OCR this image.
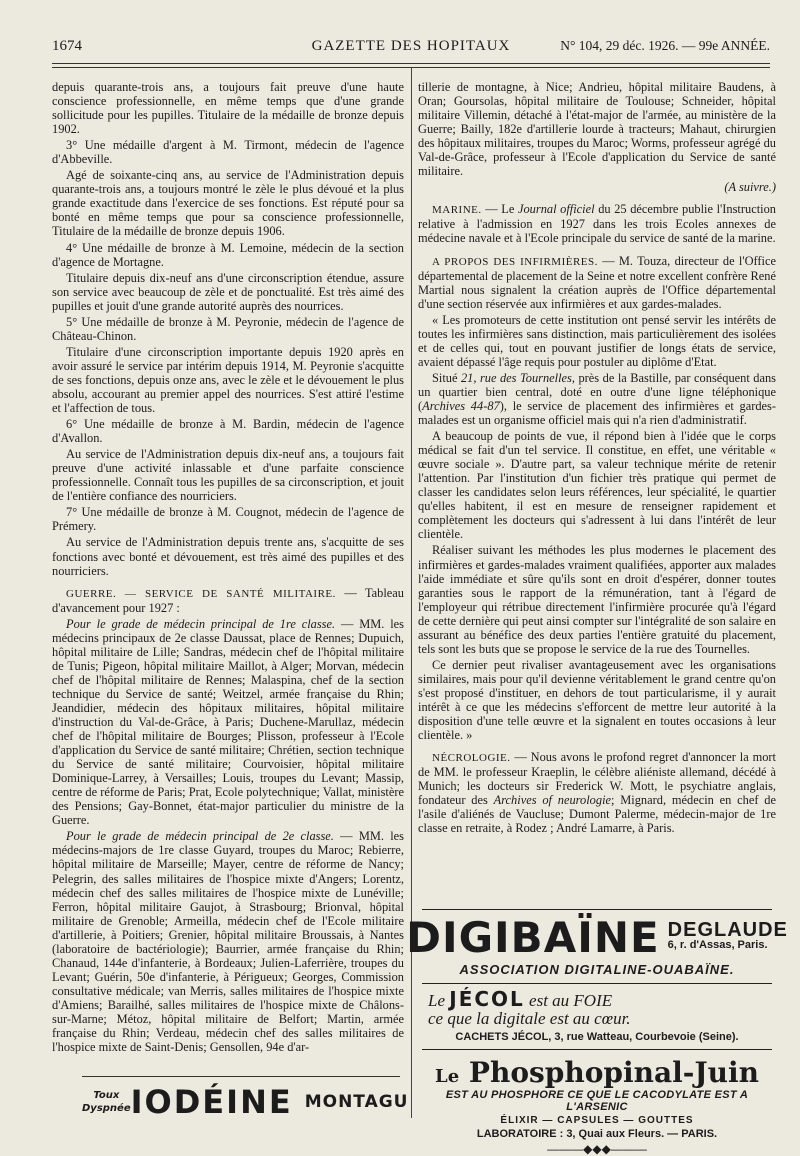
1674	GAZETTE DES HOPITAUX	N° 104, 29 déc. 1926. — 99e ANNÉE.

depuis quarante-trois ans, a toujours fait preuve d'une haute conscience professionnelle, en même temps que d'une grande sollicitude pour les pupilles. Titulaire de la médaille de bronze depuis 1902.

3° Une médaille d'argent à M. Tirmont, médecin de l'agence d'Abbeville.

Agé de soixante-cinq ans, au service de l'Administration depuis quarante-trois ans, a toujours montré le zèle le plus dévoué et la plus grande exactitude dans l'exercice de ses fonctions. Est réputé pour sa bonté en même temps que pour sa conscience professionnelle, Titulaire de la médaille de bronze depuis 1906.

4° Une médaille de bronze à M. Lemoine, médecin de la section d'agence de Mortagne.

Titulaire depuis dix-neuf ans d'une circonscription étendue, assure son service avec beaucoup de zèle et de ponctualité. Est très aimé des pupilles et jouit d'une grande autorité auprès des nourrices.

5° Une médaille de bronze à M. Peyronie, médecin de l'agence de Château-Chinon.

Titulaire d'une circonscription importante depuis 1920 après en avoir assuré le service par intérim depuis 1914, M. Peyronie s'acquitte de ses fonctions, depuis onze ans, avec le zèle et le dévouement le plus absolu, accourant au premier appel des nourrices. S'est attiré l'estime et l'affection de tous.

6° Une médaille de bronze à M. Bardin, médecin de l'agence d'Avallon.

Au service de l'Administration depuis dix-neuf ans, a toujours fait preuve d'une activité inlassable et d'une parfaite conscience professionnelle. Connaît tous les pupilles de sa circonscription, et jouit de l'entière confiance des nourriciers.

7° Une médaille de bronze à M. Cougnot, médecin de l'agence de Prémery.

Au service de l'Administration depuis trente ans, s'acquitte de ses fonctions avec bonté et dévouement, est très aimé des pupilles et des nourriciers.

GUERRE. — SERVICE DE SANTÉ MILITAIRE. — Tableau d'avancement pour 1927 :

Pour le grade de médecin principal de 1re classe. — MM. les médecins principaux de 2e classe Daussat, place de Rennes; Dupuich, hôpital militaire de Lille; Sandras, médecin chef de l'hôpital militaire de Tunis; Pigeon, hôpital militaire Maillot, à Alger; Morvan, médecin chef de l'hôpital militaire de Rennes; Malaspina, chef de la section technique du Service de santé; Weitzel, armée française du Rhin; Jeandidier, médecin des hôpitaux militaires, hôpital militaire d'instruction du Val-de-Grâce, à Paris; Duchene-Marullaz, médecin chef de l'hôpital militaire de Bourges; Plisson, professeur à l'Ecole d'application du Service de santé militaire; Chrétien, section technique du Service de santé militaire; Courvoisier, hôpital militaire Dominique-Larrey, à Versailles; Louis, troupes du Levant; Massip, centre de réforme de Paris; Prat, Ecole polytechnique; Vallat, ministère des Pensions; Gay-Bonnet, état-major particulier du ministre de la Guerre.

Pour le grade de médecin principal de 2e classe. — MM. les médecins-majors de 1re classe Guyard, troupes du Maroc; Rebierre, hôpital militaire de Marseille; Mayer, centre de réforme de Nancy; Pelegrin, des salles militaires de l'hospice mixte d'Angers; Lorentz, médecin chef des salles militaires de l'hospice mixte de Lunéville; Ferron, hôpital militaire Gaujot, à Strasbourg; Brionval, hôpital militaire de Grenoble; Armeilla, médecin chef de l'Ecole militaire d'artillerie, à Poitiers; Grenier, hôpital militaire Broussais, à Nantes (laboratoire de bactériologie); Baurrier, armée française du Rhin; Chanaud, 144e d'infanterie, à Bordeaux; Julien-Laferrière, troupes du Levant; Guérin, 50e d'infanterie, à Périgueux; Georges, Commission consultative médicale; van Merris, salles militaires de l'hospice mixte d'Amiens; Barailhé, salles militaires de l'hospice mixte de Châlons-sur-Marne; Métoz, hôpital militaire de Belfort; Martin, armée française du Rhin; Verdeau, médecin chef des salles militaires de l'hospice mixte de Saint-Denis; Gensollen, 94e d'ar-

tillerie de montagne, à Nice; Andrieu, hôpital militaire Baudens, à Oran; Goursolas, hôpital militaire de Toulouse; Schneider, hôpital militaire Villemin, détaché à l'état-major de l'armée, au ministère de la Guerre; Bailly, 182e d'artillerie lourde à tracteurs; Mahaut, chirurgien des hôpitaux militaires, troupes du Maroc; Worms, professeur agrégé du Val-de-Grâce, professeur à l'Ecole d'application du Service de santé militaire.

(A suivre.)

MARINE. — Le Journal officiel du 25 décembre publie l'Instruction relative à l'admission en 1927 dans les trois Ecoles annexes de médecine navale et à l'Ecole principale du service de santé de la marine.

A PROPOS DES INFIRMIÈRES. — M. Touza, directeur de l'Office départemental de placement de la Seine et notre excellent confrère René Martial nous signalent la création auprès de l'Office départemental d'une section réservée aux infirmières et aux gardes-malades.

« Les promoteurs de cette institution ont pensé servir les intérêts de toutes les infirmières sans distinction, mais particulièrement des isolées et de celles qui, tout en pouvant justifier de longs états de service, avaient dépassé l'âge requis pour postuler au diplôme d'Etat.

Situé 21, rue des Tournelles, près de la Bastille, par conséquent dans un quartier bien central, doté en outre d'une ligne téléphonique (Archives 44-87), le service de placement des infirmières et gardes-malades est un organisme officiel mais qui n'a rien d'administratif.

A beaucoup de points de vue, il répond bien à l'idée que le corps médical se fait d'un tel service. Il constitue, en effet, une véritable « œuvre sociale ». D'autre part, sa valeur technique mérite de retenir l'attention. Par l'institution d'un fichier très pratique qui permet de classer les candidates selon leurs références, leur spécialité, le quartier qu'elles habitent, il est en mesure de renseigner rapidement et complètement les docteurs qui s'adressent à lui dans l'intérêt de leur clientèle.

Réaliser suivant les méthodes les plus modernes le placement des infirmières et gardes-malades vraiment qualifiées, apporter aux malades l'aide immédiate et sûre qu'ils sont en droit d'espérer, donner toutes garanties sous le rapport de la rémunération, tant à l'égard de l'employeur qui rétribue directement l'infirmière procurée qu'à l'égard de cette dernière qui peut ainsi compter sur l'intégralité de son salaire en assurant au bénéfice des deux parties l'entière gratuité du placement, tels sont les buts que se propose le service de la rue des Tournelles.

Ce dernier peut rivaliser avantageusement avec les organisations similaires, mais pour qu'il devienne véritablement le grand centre qu'on s'est proposé d'instituer, en dehors de tout particularisme, il y aurait intérêt à ce que les médecins s'efforcent de mettre leur autorité à la disposition d'une telle œuvre et la signalent en toutes occasions à leur clientèle. »

NÉCROLOGIE. — Nous avons le profond regret d'annoncer la mort de MM. le professeur Kraeplin, le célèbre aliéniste allemand, décédé à Munich; les docteurs sir Frederick W. Mott, le psychiatre anglais, fondateur des Archives of neurologie; Mignard, médecin en chef de l'asile d'aliénés de Vaucluse; Dumont Palerme, médecin-major de 1re classe en retraite, à Rodez ; André Lamarre, à Paris.

DIGIBAÏNE DEGLAUDE
6, r. d'Assas, Paris.
ASSOCIATION DIGITALINE-OUABAÏNE.
Le JÉCOL est au FOIE
ce que la digitale est au cœur.
CACHETS JÉCOL, 3, rue Watteau, Courbevoie (Seine).
Le Phosphopinal-Juin
EST AU PHOSPHORE CE QUE LE CACODYLATE EST A L'ARSENIC
ÉLIXIR — CAPSULES — GOUTTES
LABORATOIRE : 3, Quai aux Fleurs. — PARIS.
———◆◆◆———
Toux
Dyspnée IODÉINE MONTAGU
